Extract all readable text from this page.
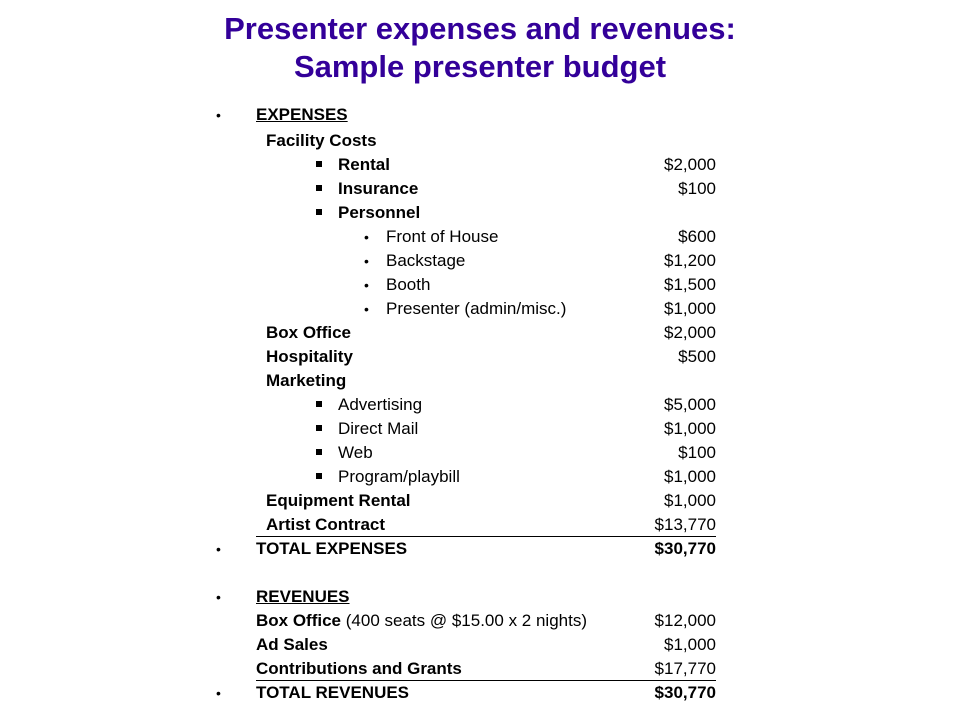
Presenter expenses and revenues:
Sample presenter budget
• EXPENSES
Facility Costs
Rental	$2,000
Insurance	$100
Personnel
• Front of House	$600
• Backstage	$1,200
• Booth	$1,500
• Presenter (admin/misc.)	$1,000
Box Office	$2,000
Hospitality	$500
Marketing
Advertising	$5,000
Direct Mail	$1,000
Web	$100
Program/playbill	$1,000
Equipment Rental	$1,000
Artist Contract	$13,770
• TOTAL EXPENSES	$30,770
• REVENUES
Box Office (400 seats @ $15.00 x 2 nights)	$12,000
Ad Sales	$1,000
Contributions and Grants	$17,770
• TOTAL REVENUES	$30,770
